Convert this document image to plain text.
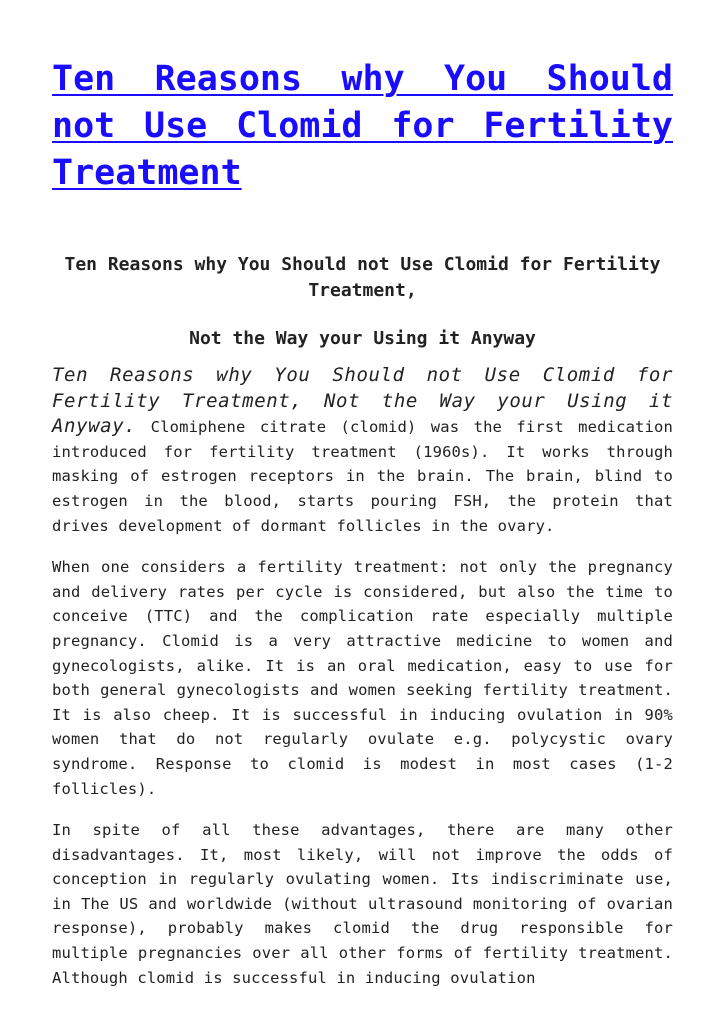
Ten Reasons why You Should not Use Clomid for Fertility Treatment
Ten Reasons why You Should not Use Clomid for Fertility Treatment,
Not the Way your Using it Anyway

Ten Reasons why You Should not Use Clomid for Fertility Treatment, Not the Way your Using it Anyway. Clomiphene citrate (clomid) was the first medication introduced for fertility treatment (1960s). It works through masking of estrogen receptors in the brain. The brain, blind to estrogen in the blood, starts pouring FSH, the protein that drives development of dormant follicles in the ovary.

When one considers a fertility treatment: not only the pregnancy and delivery rates per cycle is considered, but also the time to conceive (TTC) and the complication rate especially multiple pregnancy. Clomid is a very attractive medicine to women and gynecologists, alike. It is an oral medication, easy to use for both general gynecologists and women seeking fertility treatment. It is also cheep. It is successful in inducing ovulation in 90% women that do not regularly ovulate e.g. polycystic ovary syndrome. Response to clomid is modest in most cases (1-2 follicles).

In spite of all these advantages, there are many other disadvantages. It, most likely, will not improve the odds of conception in regularly ovulating women. Its indiscriminate use, in The US and worldwide (without ultrasound monitoring of ovarian response), probably makes clomid the drug responsible for multiple pregnancies over all other forms of fertility treatment. Although clomid is successful in inducing ovulation
